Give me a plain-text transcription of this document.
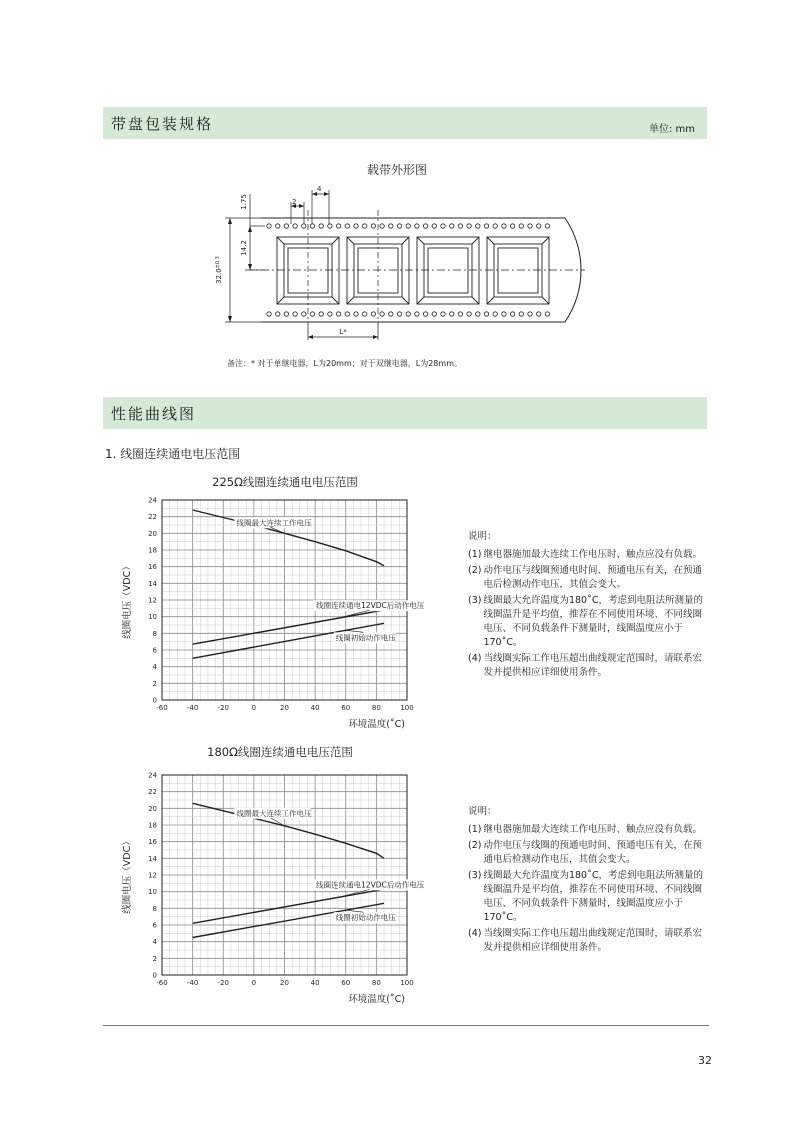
带盘包装规格	单位: mm
载带外形图
$32.0^{\pm 0.3}$
14.2
1.75	2
4
L*
备注：* 对于单继电器，L为20mm；对于双继电器，L为28mm。
性能曲线图
1. 线圈连续通电电压范围
225Ω线圈连续通电电压范围
-60	-40	-20	0	20	40	60	80	100
0
2
4
6
8
10
12
14
16
18
20
22
24
线圈电压（VDC）
环境温度(˚C)
线圈最大连续工作电压
线圈连续通电12VDC后动作电压
线圈初始动作电压
说明：
(1) 继电器施加最大连续工作电压时、触点应没有负载。
(2) 动作电压与线圈预通电时间、预通电压有关，在预通电后检测动作电压，其值会变大。
(3) 线圈最大允许温度为180˚C，考虑到电阻法所测量的线圈温升是平均值，推荐在不同使用环境、不同线圈电压、不同负载条件下测量时，线圈温度应小于170˚C。
(4) 当线圈实际工作电压超出曲线规定范围时，请联系宏发并提供相应详细使用条件。
180Ω线圈连续通电电压范围
-60	-40	-20	0	20	40	60	80	100
0
2
4
6
8
10
12
14
16
18
20
22
24
线圈电压（VDC）
环境温度(˚C)
线圈最大连续工作电压
线圈连续通电12VDC后动作电压
线圈初始动作电压
说明：
(1) 继电器施加最大连续工作电压时、触点应没有负载。
(2) 动作电压与线圈的预通电时间、预通电压有关，在预通电后检测动作电压，其值会变大。
(3) 线圈最大允许温度为180˚C，考虑到电阻法所测量的线圈温升是平均值，推荐在不同使用环境、不同线圈电压、不同负载条件下测量时，线圈温度应小于170˚C。
(4) 当线圈实际工作电压超出曲线规定范围时，请联系宏发并提供相应详细使用条件。
32
